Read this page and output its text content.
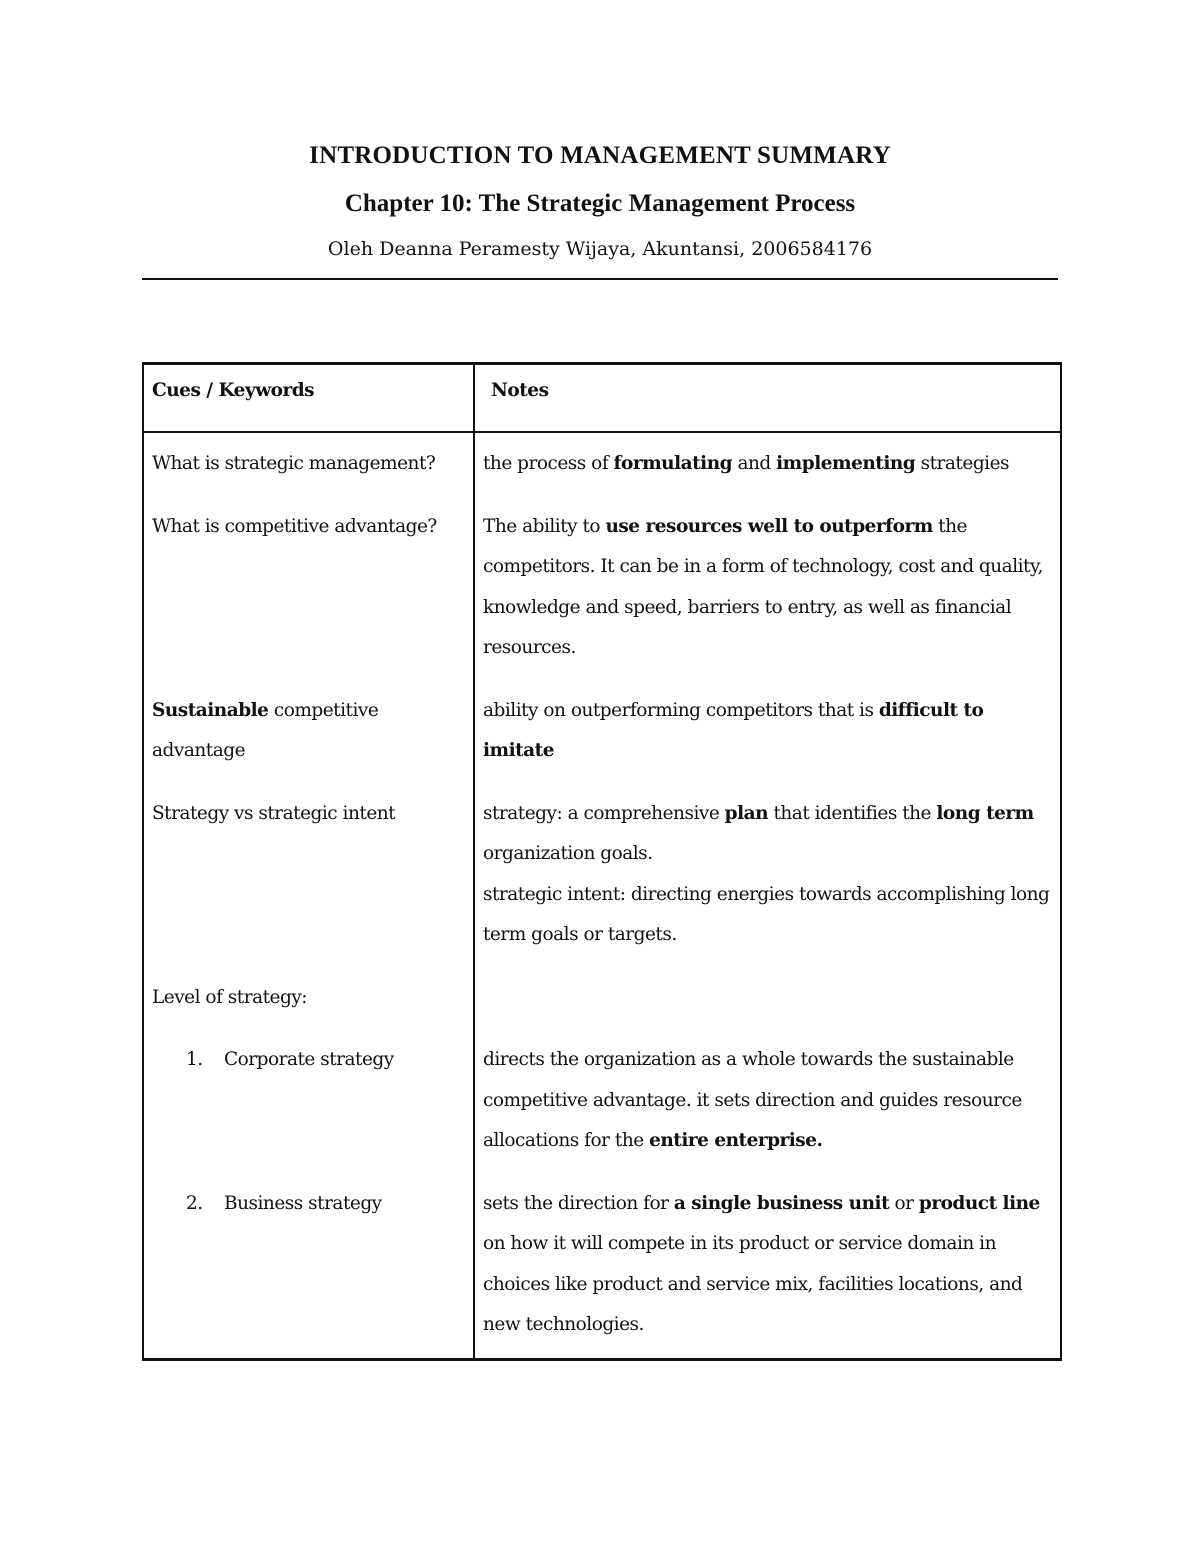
INTRODUCTION TO MANAGEMENT SUMMARY
Chapter 10: The Strategic Management Process
Oleh Deanna Peramesty Wijaya, Akuntansi, 2006584176
Cues / Keywords	Notes
What is strategic management?	the process of formulating and implementing strategies
What is competitive advantage?	The ability to use resources well to outperform the competitors. It can be in a form of technology, cost and quality, knowledge and speed, barriers to entry, as well as financial resources.
Sustainable competitive advantage	ability on outperforming competitors that is difficult to imitate
Strategy vs strategic intent	strategy: a comprehensive plan that identifies the long term organization goals.
strategic intent: directing energies towards accomplishing long term goals or targets.
Level of strategy:	
1. Corporate strategy	directs the organization as a whole towards the sustainable competitive advantage. it sets direction and guides resource allocations for the entire enterprise.
2. Business strategy	sets the direction for a single business unit or product line on how it will compete in its product or service domain in choices like product and service mix, facilities locations, and new technologies.
